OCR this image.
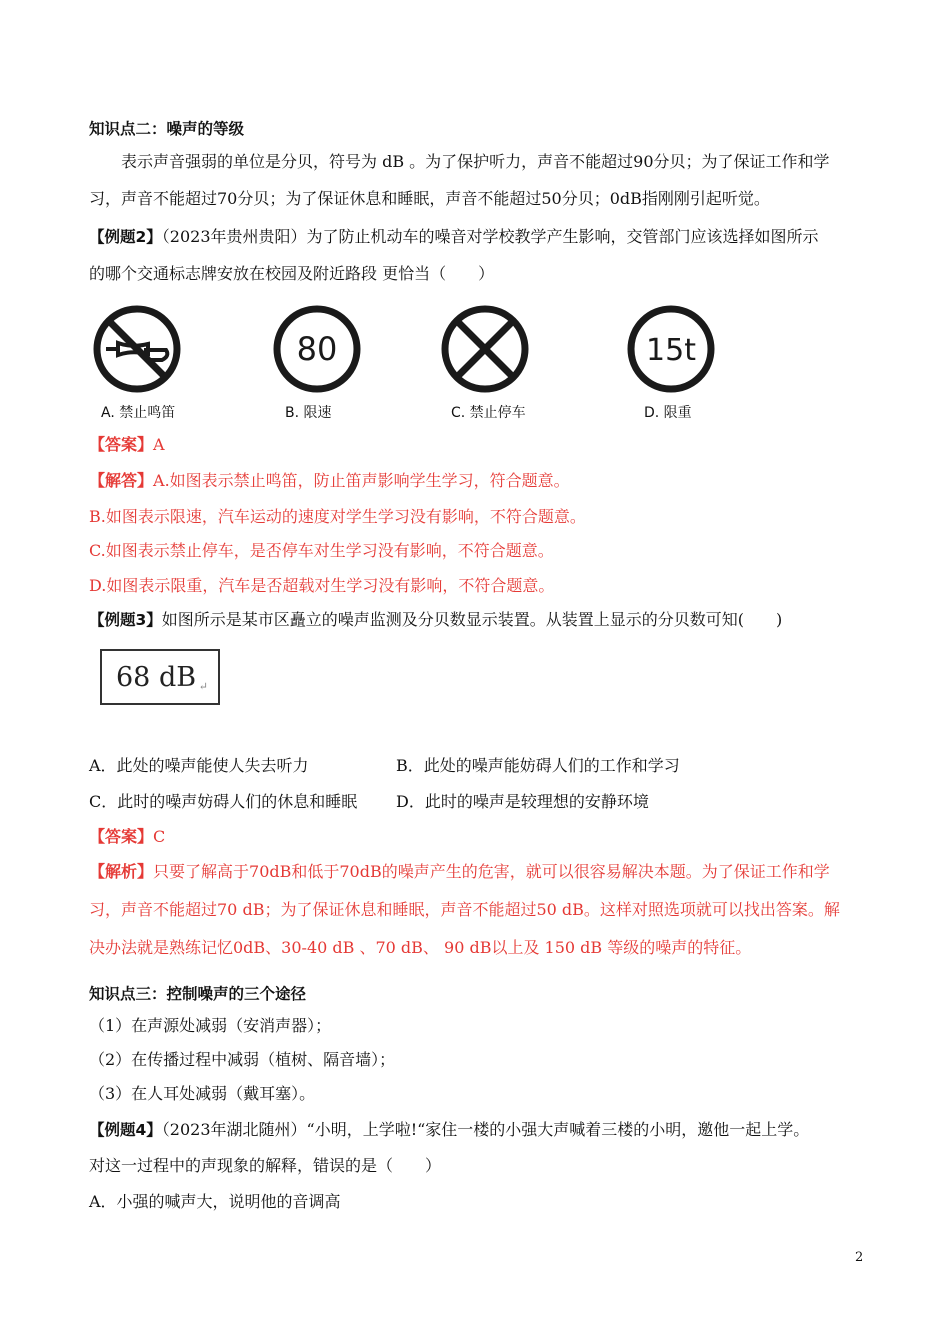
知识点二：噪声的等级
表示声音强弱的单位是分贝，符号为 dB 。为了保护听力，声音不能超过90分贝；为了保证工作和学
习，声音不能超过70分贝；为了保证休息和睡眠，声音不能超过50分贝；0dB指刚刚引起听觉。
【例题2】（2023年贵州贵阳）为了防止机动车的噪音对学校教学产生影响，交管部门应该选择如图所示
的哪个交通标志牌安放在校园及附近路段 更恰当（　　）
A. 禁止鸣笛
80
B. 限速	C. 禁止停车
15t
D. 限重
【答案】A
【解答】A.如图表示禁止鸣笛，防止笛声影响学生学习，符合题意。
B.如图表示限速，汽车运动的速度对学生学习没有影响，不符合题意。
C.如图表示禁止停车，是否停车对生学习没有影响，不符合题意。
D.如图表示限重，汽车是否超载对生学习没有影响，不符合题意。
【例题3】如图所示是某市区矗立的噪声监测及分贝数显示装置。从装置上显示的分贝数可知(　　)
68 dB ↵
A．此处的噪声能使人失去听力	B．此处的噪声能妨碍人们的工作和学习
C．此时的噪声妨碍人们的休息和睡眠 D．此时的噪声是较理想的安静环境
【答案】C
【解析】只要了解高于70dB和低于70dB的噪声产生的危害，就可以很容易解决本题。为了保证工作和学
习，声音不能超过70 dB；为了保证休息和睡眠，声音不能超过50 dB。这样对照选项就可以找出答案。解
决办法就是熟练记忆0dB、30-40 dB 、70 dB、 90 dB以上及 150 dB 等级的噪声的特征。
知识点三：控制噪声的三个途径
（1）在声源处减弱（安消声器）；
（2）在传播过程中减弱（植树、隔音墙）；
（3）在人耳处减弱（戴耳塞）。
【例题4】（2023年湖北随州）“小明，上学啦!“家住一楼的小强大声喊着三楼的小明，邀他一起上学。
对这一过程中的声现象的解释，错误的是（　　）
A．小强的喊声大，说明他的音调高
2
